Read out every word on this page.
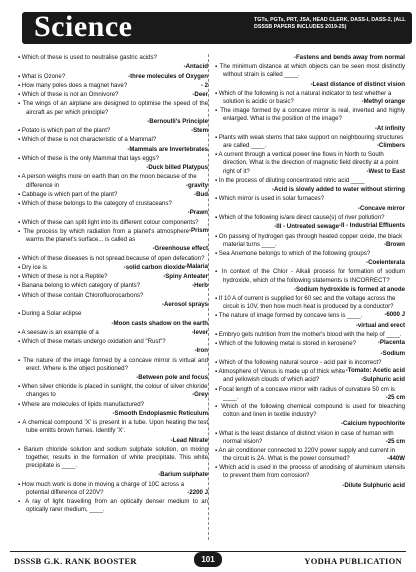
Science	TGTs, PGTs, PRT, JSA, HEAD CLERK, DASS-I, DASS-2, (ALL DSSSB PAPERS INCLUDES 2019-25)
▪ Which of these is used to neutralise gastric acids?
-Antacid
▪ What is Ozone?	-three molecules of Oxygen
▪ How many poles does a magnet have?	- 2
▪ Which of these is not an Omnivore?	-Deer
▪ The wings of an airplane are designed to optimise the speed of the aircraft as per which principle?
-Bernoulli's Principle
▪ Potato is which part of the plant?	-Stem
▪ Which of these is not characteristic of a Mammal?
-Mammals are Invertebrates
▪ Which of these is the only Mammal that lays eggs?
-Duck billed Platypus
▪ A person weighs more on earth than on the moon because of the difference in	-gravity
▪ Cabbage is which part of the plant?	-Bud
▪ Which of these belongs to the category of crustaceans?
-Prawn
▪ Which of these can split light into its different colour components?
-Prism
▪ The process by which radiation from a planet's atmosphere warms the planet's surface... is called as
-Greenhouse effect
▪ Which of these diseases is not spread because of open defecation?
-Malaria
▪ Dry ice is	-solid carbon dioxide
▪ Which of these is not a Reptile?	-Spiny Anteater
▪ Banana belong to which category of plants?	-Herb
▪ Which of these contain Chlorofluorocarbons?
-Aerosol sprays
▪ During a Solar eclipse
-Moon casts shadow on the earth
▪ A seesaw is an example of a	-lever
▪ Which of these metals undergo oxidation and "Rust"?
-Iron
▪ The nature of the image formed by a concave mirror is virtual and erect. Where is the object positioned?
-Between pole and focus
▪ When silver chloride is placed in sunlight, the colour of silver chloride changes to	-Grey
▪ Where are molecules of lipids manufactured?
-Smooth Endoplasmic Reticulum
▪ A chemical compound 'X' is present in a tube. Upon heating the test tube emitts brown fumes. Identify 'X'.
-Lead Nitrate
▪ Barium chloride solution and sodium sulphate solution, on mixing together, results in the formation of white precipitate. This white precipitate is ____.
-Barium sulphate
▪ How much work is done in moving a charge of 10C across a potential difference of 220V?	-2200 J
▪ A ray of light travelling from an optically denser medium to an optically rarer medium, ____.
-Fastens and bends away from normal
▪ The minimum distance at which objects can be seen most distinctly without strain is called ____.
-Least distance of distinct vision
▪ Which of the following is not a natural indicator to test whether a solution is acidic or basic?	-Methyl orange
▪ The image formed by a concave mirror is real, inverted and highly enlarged. What is the position of the image?
-At infinity
▪ Plants with weak stems that take support on neighbouring structures are called ____.	-Climbers
▪ A current through a vertical power line flows in North to South direction. What is the direction of magnetic field directly at a point right of it?	-West to East
▪ In the process of diluting concentrated nitric acid ____
-Acid is slowly added to water without stirring
▪ Which mirror is used in solar furnaces?
-Concave mirror
▪ Which of the following is/are direct cause(s) of river pollution?
-II - Industrial Effluents
-III - Untreated sewage
▪ On passing of hydrogen gas through heated copper oxide, the black material turns ____.	-Brown
▪ Sea Anemone belongs to which of the following groups?
-Coelenterata
▪ In context of the Chlor - Alkali process for formation of sodium hydroxide, which of the following statements is INCORRECT?
-Sodium hydroxide is formed at anode
▪ If 10 A of current is supplied for 60 sec and the voltage across the circuit is 10V, then how much heat is produced by a conductor?
-6000 J
▪ The nature of image formed by concave lens is ____.
-virtual and erect
▪ Embryo gets nutrition from the mother's blood with the help of ____.
-Placenta
▪ Which of the following metal is stored in kerosene?
-Sodium
▪ Which of the following natural source - acid pair is incorrect?
-Tomato: Acetic acid
▪ Atmosphere of Venus is made up of thick white and yellowish clouds of which acid?	-Sulphuric acid
▪ Focal length of a concave mirror with radius of curvature 50 cm is ____.	-25 cm
▪ Which of the following chemical compound is used for bleaching cotton and linen in textile industry?
-Calcium hypochlorite
▪ What is the least distance of distinct vision in case of human with normal vision?	-25 cm
▪ An air conditioner connected to 220V power supply and current in the circuit is 2A. What is the power consumed?	-440W
▪ Which acid is used in the process of anodising of aluminium utensils to prevent them from corrosion?
-Dilute Sulphuric acid
DSSSB G.K. RANK BOOSTER	101	YODHA PUBLICATION
